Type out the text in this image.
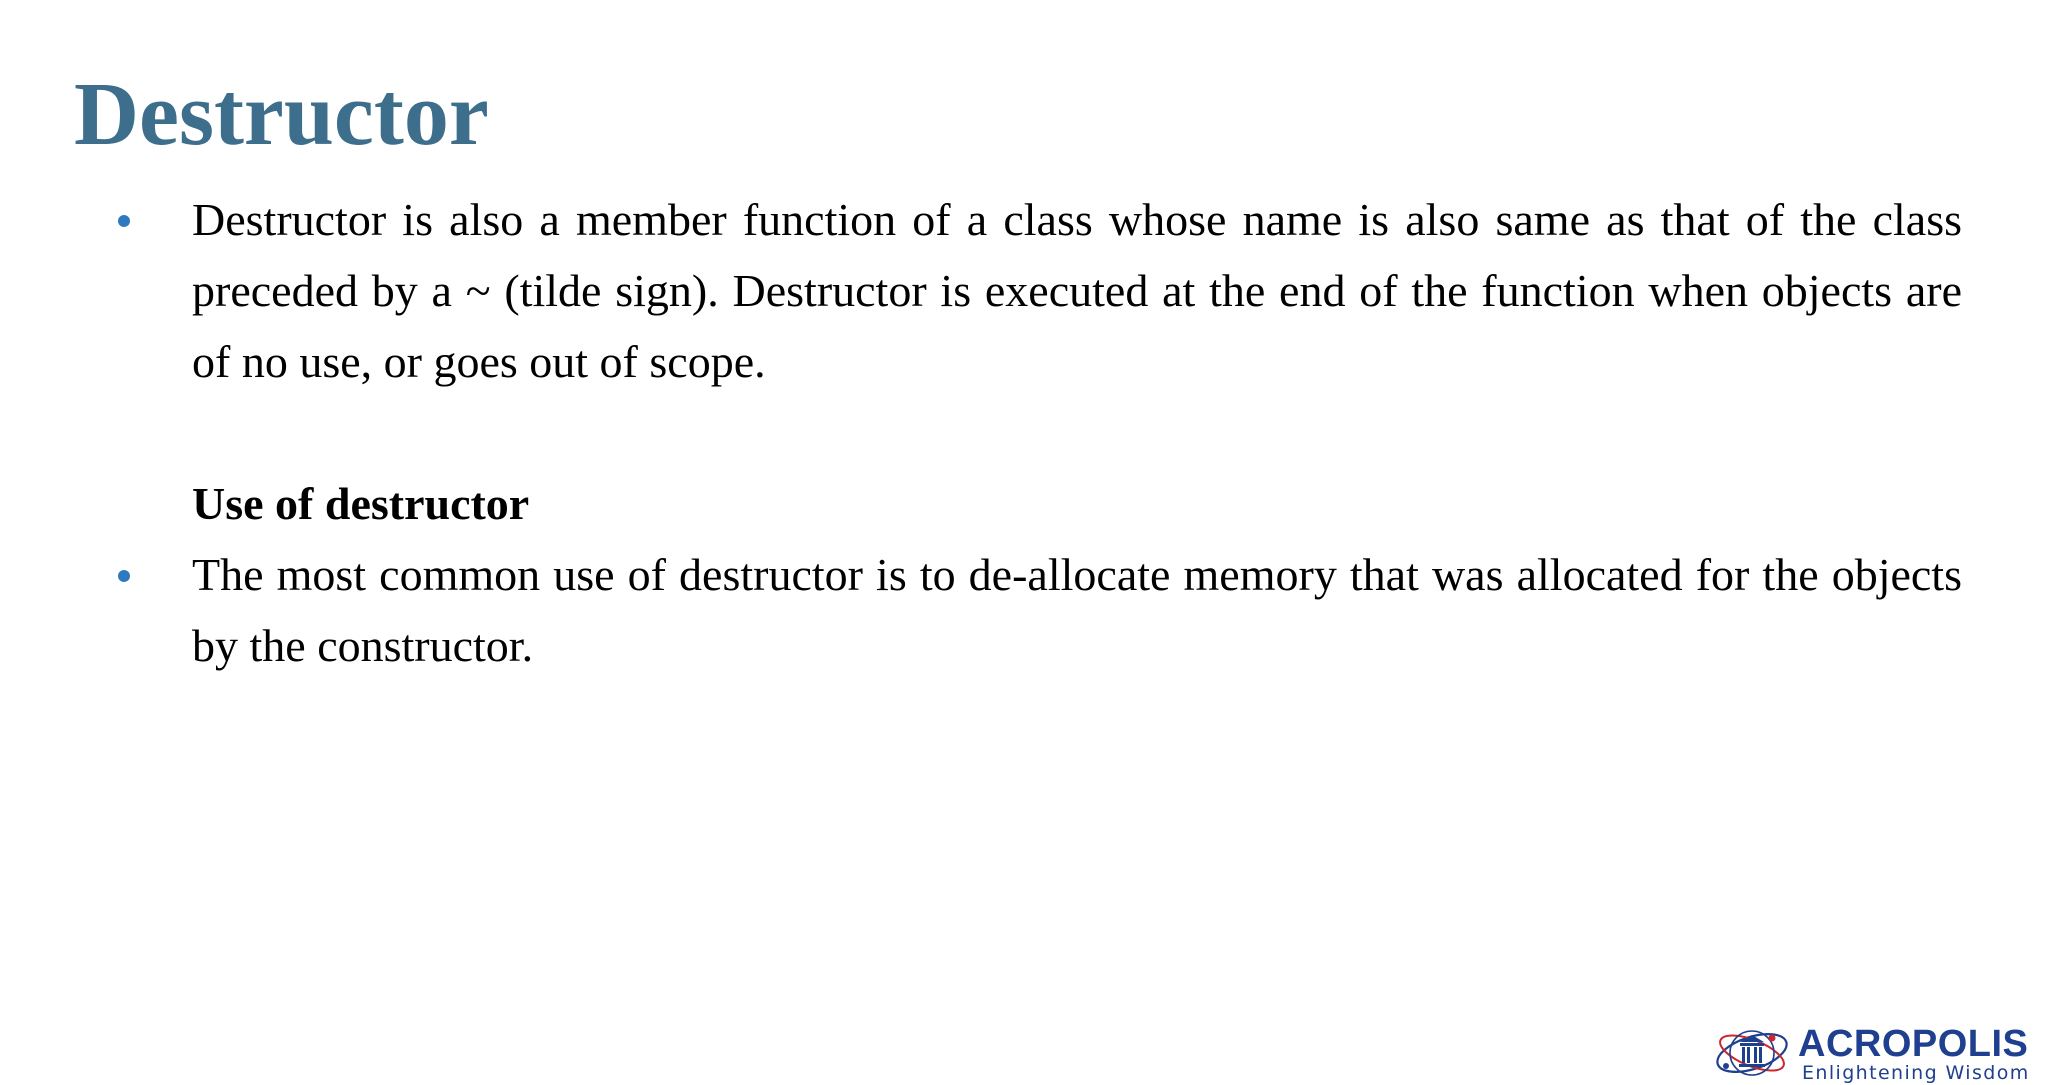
Destructor
Destructor is also a member function of a class whose name is also same as that of the class preceded by a ~ (tilde sign). Destructor is executed at the end of the function when objects are of no use, or goes out of scope.
Use of destructor
The most common use of destructor is to de-allocate memory that was allocated for the objects by the constructor.
ACROPOLIS
Enlightening Wisdom
